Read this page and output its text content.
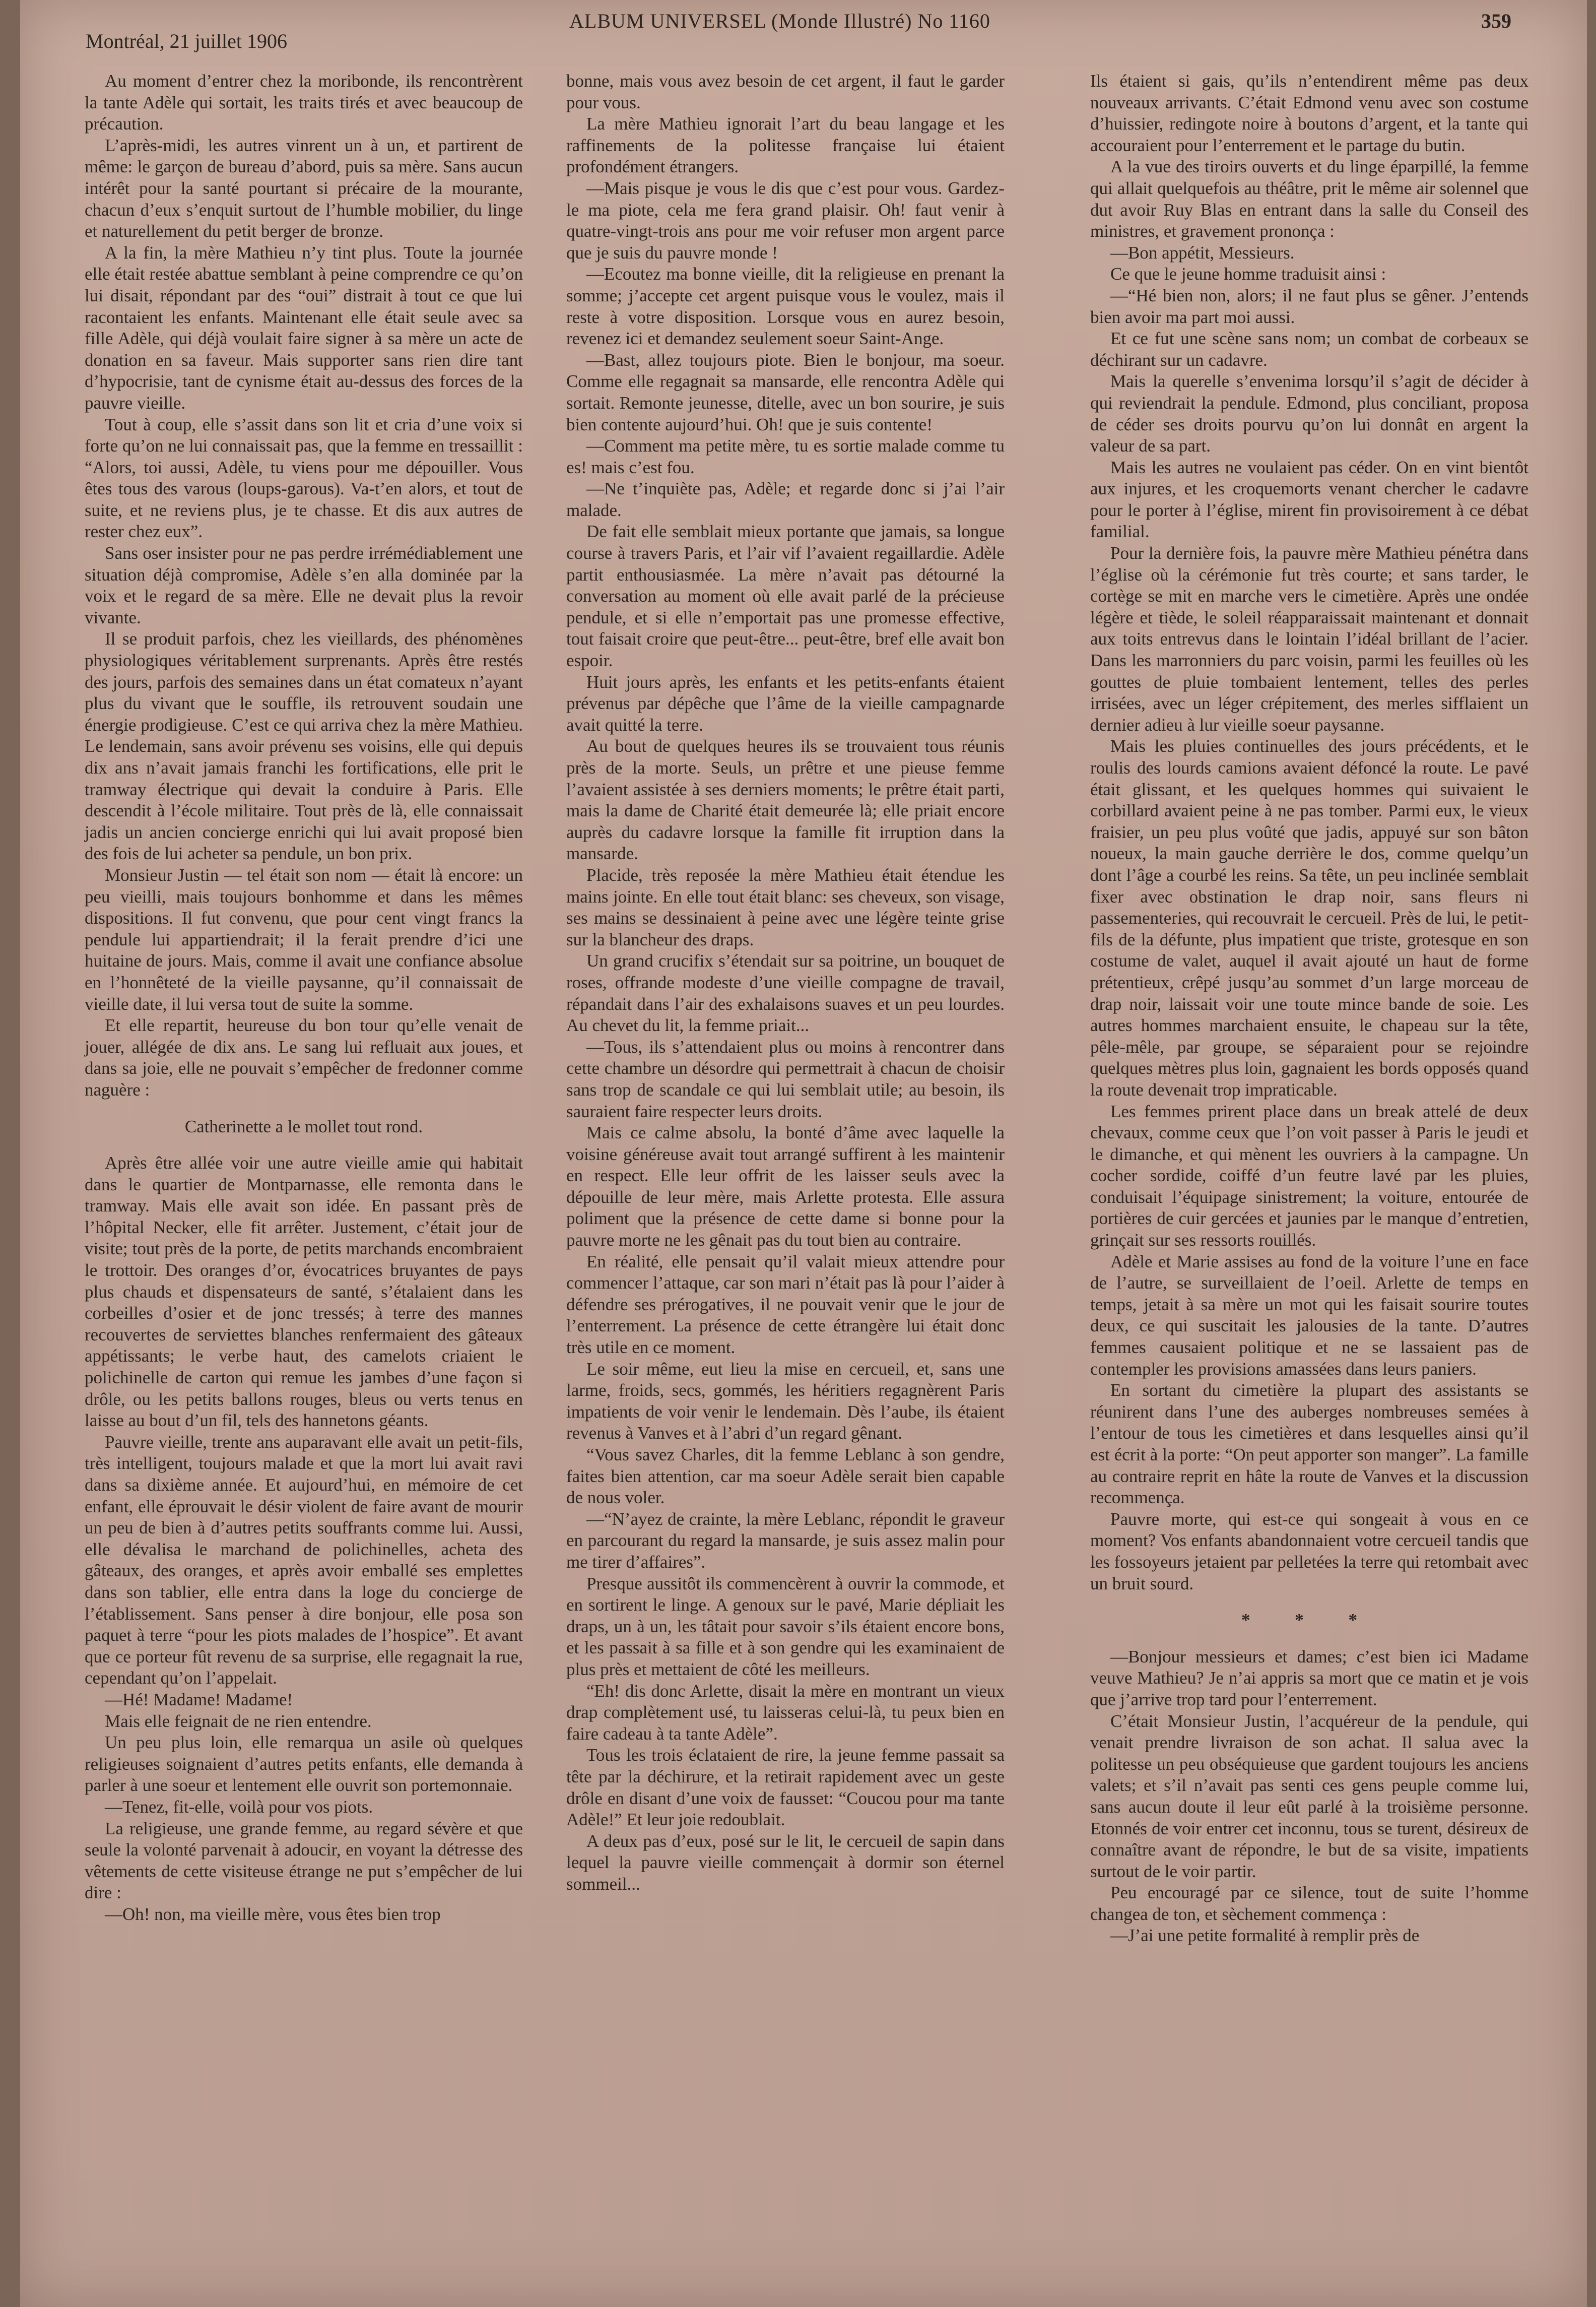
Montréal, 21 juillet 1906
ALBUM UNIVERSEL (Monde Illustré) No 1160	359

Au moment d’entrer chez la moribonde, ils rencontrèrent la tante Adèle qui sortait, les traits tirés et avec beaucoup de précaution.

L’après-midi, les autres vinrent un à un, et partirent de même: le garçon de bureau d’abord, puis sa mère. Sans aucun intérêt pour la santé pourtant si précaire de la mourante, chacun d’eux s’enquit surtout de l’humble mobilier, du linge et naturellement du petit berger de bronze.

A la fin, la mère Mathieu n’y tint plus. Toute la journée elle était restée abattue semblant à peine comprendre ce qu’on lui disait, répondant par des “oui” distrait à tout ce que lui racontaient les enfants. Maintenant elle était seule avec sa fille Adèle, qui déjà voulait faire signer à sa mère un acte de donation en sa faveur. Mais supporter sans rien dire tant d’hypocrisie, tant de cynisme était au-dessus des forces de la pauvre vieille.

Tout à coup, elle s’assit dans son lit et cria d’une voix si forte qu’on ne lui connaissait pas, que la femme en tressaillit : “Alors, toi aussi, Adèle, tu viens pour me dépouiller. Vous êtes tous des varous (loups-garous). Va-t’en alors, et tout de suite, et ne reviens plus, je te chasse. Et dis aux autres de rester chez eux”.

Sans oser insister pour ne pas perdre irrémédiablement une situation déjà compromise, Adèle s’en alla dominée par la voix et le regard de sa mère. Elle ne devait plus la revoir vivante.

Il se produit parfois, chez les vieillards, des phénomènes physiologiques véritablement surprenants. Après être restés des jours, parfois des semaines dans un état comateux n’ayant plus du vivant que le souffle, ils retrouvent soudain une énergie prodigieuse. C’est ce qui arriva chez la mère Mathieu. Le lendemain, sans avoir prévenu ses voisins, elle qui depuis dix ans n’avait jamais franchi les fortifications, elle prit le tramway électrique qui devait la conduire à Paris. Elle descendit à l’école militaire. Tout près de là, elle connaissait jadis un ancien concierge enrichi qui lui avait proposé bien des fois de lui acheter sa pendule, un bon prix.

Monsieur Justin — tel était son nom — était là encore: un peu vieilli, mais toujours bonhomme et dans les mêmes dispositions. Il fut convenu, que pour cent vingt francs la pendule lui appartiendrait; il la ferait prendre d’ici une huitaine de jours. Mais, comme il avait une confiance absolue en l’honnêteté de la vieille paysanne, qu’il connaissait de vieille date, il lui versa tout de suite la somme.

Et elle repartit, heureuse du bon tour qu’elle venait de jouer, allégée de dix ans. Le sang lui refluait aux joues, et dans sa joie, elle ne pouvait s’empêcher de fredonner comme naguère :

Catherinette a le mollet tout rond.

Après être allée voir une autre vieille amie qui habitait dans le quartier de Montparnasse, elle remonta dans le tramway. Mais elle avait son idée. En passant près de l’hôpital Necker, elle fit arrêter. Justement, c’était jour de visite; tout près de la porte, de petits marchands encombraient le trottoir. Des oranges d’or, évocatrices bruyantes de pays plus chauds et dispensateurs de santé, s’étalaient dans les corbeilles d’osier et de jonc tressés; à terre des mannes recouvertes de serviettes blanches renfermaient des gâteaux appétissants; le verbe haut, des camelots criaient le polichinelle de carton qui remue les jambes d’une façon si drôle, ou les petits ballons rouges, bleus ou verts tenus en laisse au bout d’un fil, tels des hannetons géants.

Pauvre vieille, trente ans auparavant elle avait un petit-fils, très intelligent, toujours malade et que la mort lui avait ravi dans sa dixième année. Et aujourd’hui, en mémoire de cet enfant, elle éprouvait le désir violent de faire avant de mourir un peu de bien à d’autres petits souffrants comme lui. Aussi, elle dévalisa le marchand de polichinelles, acheta des gâteaux, des oranges, et après avoir emballé ses emplettes dans son tablier, elle entra dans la loge du concierge de l’établissement. Sans penser à dire bonjour, elle posa son paquet à terre “pour les piots malades de l’hospice”. Et avant que ce porteur fût revenu de sa surprise, elle regagnait la rue, cependant qu’on l’appelait.

—Hé! Madame! Madame!

Mais elle feignait de ne rien entendre.

Un peu plus loin, elle remarqua un asile où quelques religieuses soignaient d’autres petits enfants, elle demanda à parler à une soeur et lentement elle ouvrit son portemonnaie.

—Tenez, fit-elle, voilà pour vos piots.

La religieuse, une grande femme, au regard sévère et que seule la volonté parvenait à adoucir, en voyant la détresse des vêtements de cette visiteuse étrange ne put s’empêcher de lui dire :

—Oh! non, ma vieille mère, vous êtes bien trop

bonne, mais vous avez besoin de cet argent, il faut le garder pour vous.

La mère Mathieu ignorait l’art du beau langage et les raffinements de la politesse française lui étaient profondément étrangers.

—Mais pisque je vous le dis que c’est pour vous. Gardez-le ma piote, cela me fera grand plaisir. Oh! faut venir à quatre-vingt-trois ans pour me voir refuser mon argent parce que je suis du pauvre monde !

—Ecoutez ma bonne vieille, dit la religieuse en prenant la somme; j’accepte cet argent puisque vous le voulez, mais il reste à votre disposition. Lorsque vous en aurez besoin, revenez ici et demandez seulement soeur Saint-Ange.

—Bast, allez toujours piote. Bien le bonjour, ma soeur. Comme elle regagnait sa mansarde, elle rencontra Adèle qui sortait. Remonte jeunesse, ditelle, avec un bon sourire, je suis bien contente aujourd’hui. Oh! que je suis contente!

—Comment ma petite mère, tu es sortie malade comme tu es! mais c’est fou.

—Ne t’inquiète pas, Adèle; et regarde donc si j’ai l’air malade.

De fait elle semblait mieux portante que jamais, sa longue course à travers Paris, et l’air vif l’avaient regaillardie. Adèle partit enthousiasmée. La mère n’avait pas détourné la conversation au moment où elle avait parlé de la précieuse pendule, et si elle n’emportait pas une promesse effective, tout faisait croire que peut-être... peut-être, bref elle avait bon espoir.

Huit jours après, les enfants et les petits-enfants étaient prévenus par dépêche que l’âme de la vieille campagnarde avait quitté la terre.

Au bout de quelques heures ils se trouvaient tous réunis près de la morte. Seuls, un prêtre et une pieuse femme l’avaient assistée à ses derniers moments; le prêtre était parti, mais la dame de Charité était demeurée là; elle priait encore auprès du cadavre lorsque la famille fit irruption dans la mansarde.

Placide, très reposée la mère Mathieu était étendue les mains jointe. En elle tout était blanc: ses cheveux, son visage, ses mains se dessinaient à peine avec une légère teinte grise sur la blancheur des draps.

Un grand crucifix s’étendait sur sa poitrine, un bouquet de roses, offrande modeste d’une vieille compagne de travail, répandait dans l’air des exhalaisons suaves et un peu lourdes. Au chevet du lit, la femme priait...

—Tous, ils s’attendaient plus ou moins à rencontrer dans cette chambre un désordre qui permettrait à chacun de choisir sans trop de scandale ce qui lui semblait utile; au besoin, ils sauraient faire respecter leurs droits.

Mais ce calme absolu, la bonté d’âme avec laquelle la voisine généreuse avait tout arrangé suffirent à les maintenir en respect. Elle leur offrit de les laisser seuls avec la dépouille de leur mère, mais Arlette protesta. Elle assura poliment que la présence de cette dame si bonne pour la pauvre morte ne les gênait pas du tout bien au contraire.

En réalité, elle pensait qu’il valait mieux attendre pour commencer l’attaque, car son mari n’était pas là pour l’aider à défendre ses prérogatives, il ne pouvait venir que le jour de l’enterrement. La présence de cette étrangère lui était donc très utile en ce moment.

Le soir même, eut lieu la mise en cercueil, et, sans une larme, froids, secs, gommés, les héritiers regagnèrent Paris impatients de voir venir le lendemain. Dès l’aube, ils étaient revenus à Vanves et à l’abri d’un regard gênant.

“Vous savez Charles, dit la femme Leblanc à son gendre, faites bien attention, car ma soeur Adèle serait bien capable de nous voler.

—“N’ayez de crainte, la mère Leblanc, répondit le graveur en parcourant du regard la mansarde, je suis assez malin pour me tirer d’affaires”.

Presque aussitôt ils commencèrent à ouvrir la commode, et en sortirent le linge. A genoux sur le pavé, Marie dépliait les draps, un à un, les tâtait pour savoir s’ils étaient encore bons, et les passait à sa fille et à son gendre qui les examinaient de plus près et mettaient de côté les meilleurs.

“Eh! dis donc Arlette, disait la mère en montrant un vieux drap complètement usé, tu laisseras celui-là, tu peux bien en faire cadeau à ta tante Adèle”.

Tous les trois éclataient de rire, la jeune femme passait sa tête par la déchirure, et la retirait rapidement avec un geste drôle en disant d’une voix de fausset: “Coucou pour ma tante Adèle!” Et leur joie redoublait.

A deux pas d’eux, posé sur le lit, le cercueil de sapin dans lequel la pauvre vieille commençait à dormir son éternel sommeil...

Ils étaient si gais, qu’ils n’entendirent même pas deux nouveaux arrivants. C’était Edmond venu avec son costume d’huissier, redingote noire à boutons d’argent, et la tante qui accouraient pour l’enterrement et le partage du butin.

A la vue des tiroirs ouverts et du linge éparpillé, la femme qui allait quelquefois au théâtre, prit le même air solennel que dut avoir Ruy Blas en entrant dans la salle du Conseil des ministres, et gravement prononça :

—Bon appétit, Messieurs.

Ce que le jeune homme traduisit ainsi :

—“Hé bien non, alors; il ne faut plus se gêner. J’entends bien avoir ma part moi aussi.

Et ce fut une scène sans nom; un combat de corbeaux se déchirant sur un cadavre.

Mais la querelle s’envenima lorsqu’il s’agit de décider à qui reviendrait la pendule. Edmond, plus conciliant, proposa de céder ses droits pourvu qu’on lui donnât en argent la valeur de sa part.

Mais les autres ne voulaient pas céder. On en vint bientôt aux injures, et les croquemorts venant chercher le cadavre pour le porter à l’église, mirent fin provisoirement à ce débat familial.

Pour la dernière fois, la pauvre mère Mathieu pénétra dans l’église où la cérémonie fut très courte; et sans tarder, le cortège se mit en marche vers le cimetière. Après une ondée légère et tiède, le soleil réapparaissait maintenant et donnait aux toits entrevus dans le lointain l’idéal brillant de l’acier. Dans les marronniers du parc voisin, parmi les feuilles où les gouttes de pluie tombaient lentement, telles des perles irrisées, avec un léger crépitement, des merles sifflaient un dernier adieu à lur vieille soeur paysanne.

Mais les pluies continuelles des jours précédents, et le roulis des lourds camions avaient défoncé la route. Le pavé était glissant, et les quelques hommes qui suivaient le corbillard avaient peine à ne pas tomber. Parmi eux, le vieux fraisier, un peu plus voûté que jadis, appuyé sur son bâton noueux, la main gauche derrière le dos, comme quelqu’un dont l’âge a courbé les reins. Sa tête, un peu inclinée semblait fixer avec obstination le drap noir, sans fleurs ni passementeries, qui recouvrait le cercueil. Près de lui, le petit-fils de la défunte, plus impatient que triste, grotesque en son costume de valet, auquel il avait ajouté un haut de forme prétentieux, crêpé jusqu’au sommet d’un large morceau de drap noir, laissait voir une toute mince bande de soie. Les autres hommes marchaient ensuite, le chapeau sur la tête, pêle-mêle, par groupe, se séparaient pour se rejoindre quelques mètres plus loin, gagnaient les bords opposés quand la route devenait trop impraticable.

Les femmes prirent place dans un break attelé de deux chevaux, comme ceux que l’on voit passer à Paris le jeudi et le dimanche, et qui mènent les ouvriers à la campagne. Un cocher sordide, coiffé d’un feutre lavé par les pluies, conduisait l’équipage sinistrement; la voiture, entourée de portières de cuir gercées et jaunies par le manque d’entretien, grinçait sur ses ressorts rouillés.

Adèle et Marie assises au fond de la voiture l’une en face de l’autre, se surveillaient de l’oeil. Arlette de temps en temps, jetait à sa mère un mot qui les faisait sourire toutes deux, ce qui suscitait les jalousies de la tante. D’autres femmes causaient politique et ne se lassaient pas de contempler les provisions amassées dans leurs paniers.

En sortant du cimetière la plupart des assistants se réunirent dans l’une des auberges nombreuses semées à l’entour de tous les cimetières et dans lesquelles ainsi qu’il est écrit à la porte: “On peut apporter son manger”. La famille au contraire reprit en hâte la route de Vanves et la discussion recommença.

Pauvre morte, qui est-ce qui songeait à vous en ce moment? Vos enfants abandonnaient votre cercueil tandis que les fossoyeurs jetaient par pelletées la terre qui retombait avec un bruit sourd.

* * *

—Bonjour messieurs et dames; c’est bien ici Madame veuve Mathieu? Je n’ai appris sa mort que ce matin et je vois que j’arrive trop tard pour l’enterrement.

C’était Monsieur Justin, l’acquéreur de la pendule, qui venait prendre livraison de son achat. Il salua avec la politesse un peu obséquieuse que gardent toujours les anciens valets; et s’il n’avait pas senti ces gens peuple comme lui, sans aucun doute il leur eût parlé à la troisième personne. Etonnés de voir entrer cet inconnu, tous se turent, désireux de connaître avant de répondre, le but de sa visite, impatients surtout de le voir partir.

Peu encouragé par ce silence, tout de suite l’homme changea de ton, et sèchement commença :

—J’ai une petite formalité à remplir près de
